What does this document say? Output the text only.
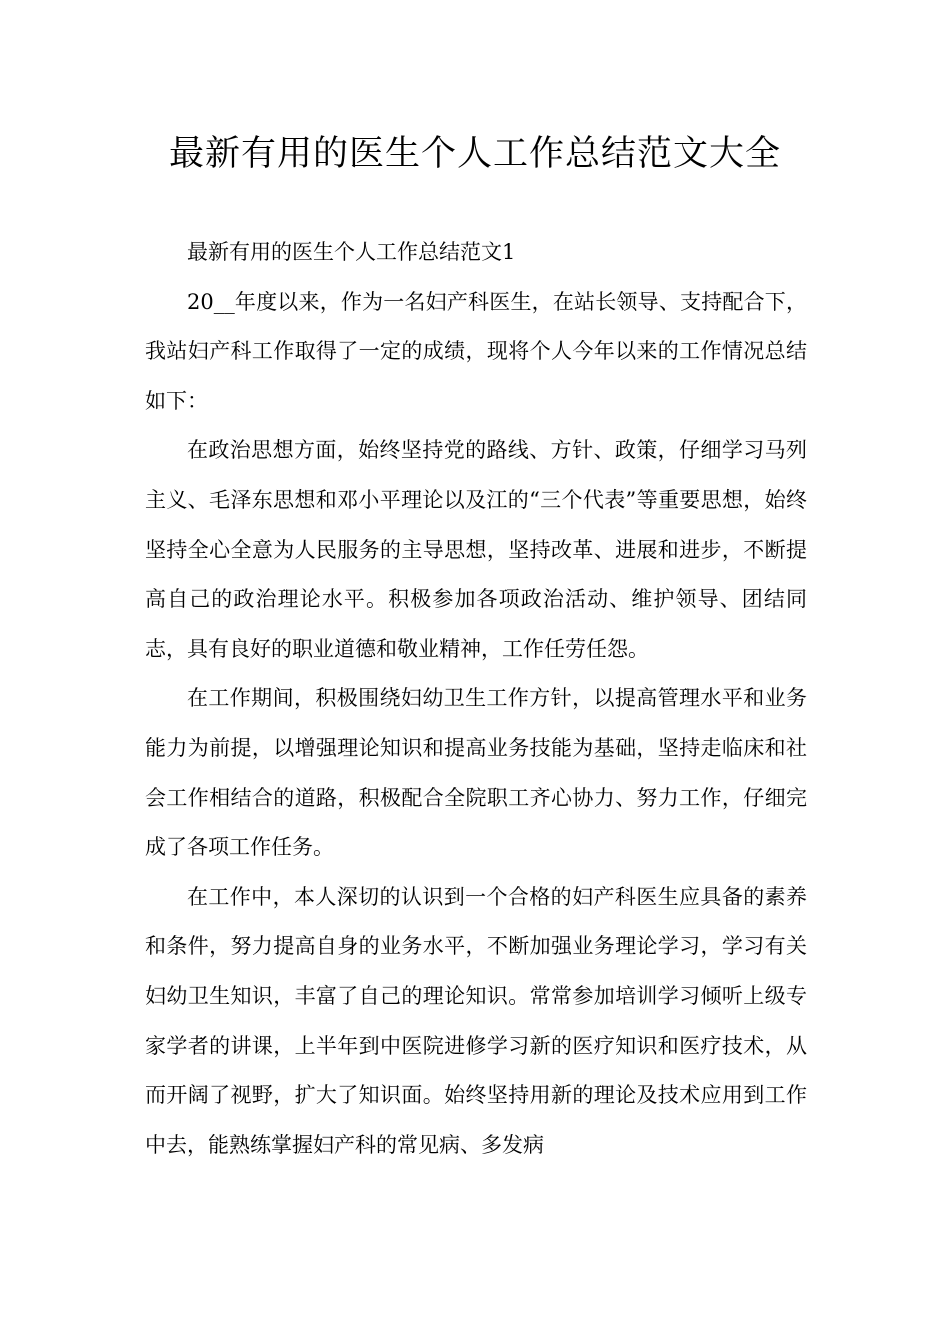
最新有用的医生个人工作总结范文大全

最新有用的医生个人工作总结范文1

20__年度以来，作为一名妇产科医生，在站长领导、支持配合下，我站妇产科工作取得了一定的成绩，现将个人今年以来的工作情况总结如下：

在政治思想方面，始终坚持党的路线、方针、政策，仔细学习马列主义、毛泽东思想和邓小平理论以及江的“三个代表”等重要思想，始终坚持全心全意为人民服务的主导思想，坚持改革、进展和进步，不断提高自己的政治理论水平。积极参加各项政治活动、维护领导、团结同志，具有良好的职业道德和敬业精神，工作任劳任怨。

在工作期间，积极围绕妇幼卫生工作方针，以提高管理水平和业务能力为前提，以增强理论知识和提高业务技能为基础，坚持走临床和社会工作相结合的道路，积极配合全院职工齐心协力、努力工作，仔细完成了各项工作任务。

在工作中，本人深切的认识到一个合格的妇产科医生应具备的素养和条件，努力提高自身的业务水平，不断加强业务理论学习，学习有关妇幼卫生知识，丰富了自己的理论知识。常常参加培训学习倾听上级专家学者的讲课，上半年到中医院进修学习新的医疗知识和医疗技术，从而开阔了视野，扩大了知识面。始终坚持用新的理论及技术应用到工作中去，能熟练掌握妇产科的常见病、多发病
